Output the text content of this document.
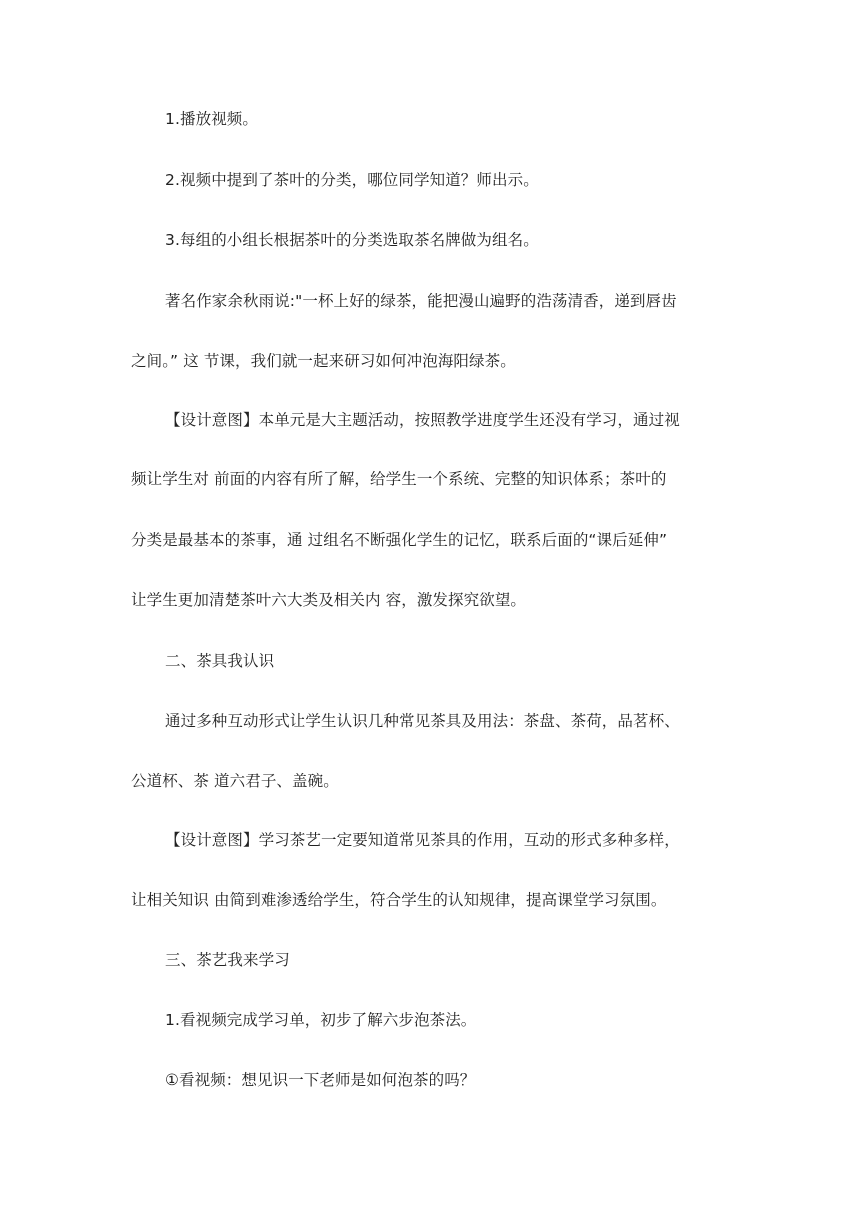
1.播放视频。
2.视频中提到了茶叶的分类，哪位同学知道？师出示。
3.每组的小组长根据茶叶的分类选取茶名牌做为组名。
著名作家余秋雨说:"一杯上好的绿茶，能把漫山遍野的浩荡清香，递到唇齿
之间。” 这 节课，我们就一起来研习如何冲泡海阳绿茶。
【设计意图】本单元是大主题活动，按照教学进度学生还没有学习，通过视
频让学生对 前面的内容有所了解，给学生一个系统、完整的知识体系；茶叶的
分类是最基本的茶事，通 过组名不断强化学生的记忆，联系后面的“课后延伸”
让学生更加清楚茶叶六大类及相关内 容，激发探究欲望。
二、茶具我认识
通过多种互动形式让学生认识几种常见茶具及用法：茶盘、茶荷，品茗杯、
公道杯、茶 道六君子、盖碗。
【设计意图】学习茶艺一定要知道常见茶具的作用，互动的形式多种多样，
让相关知识 由简到难渗透给学生，符合学生的认知规律，提高课堂学习氛围。
三、茶艺我来学习
1.看视频完成学习单，初步了解六步泡茶法。
①看视频：想见识一下老师是如何泡茶的吗？
